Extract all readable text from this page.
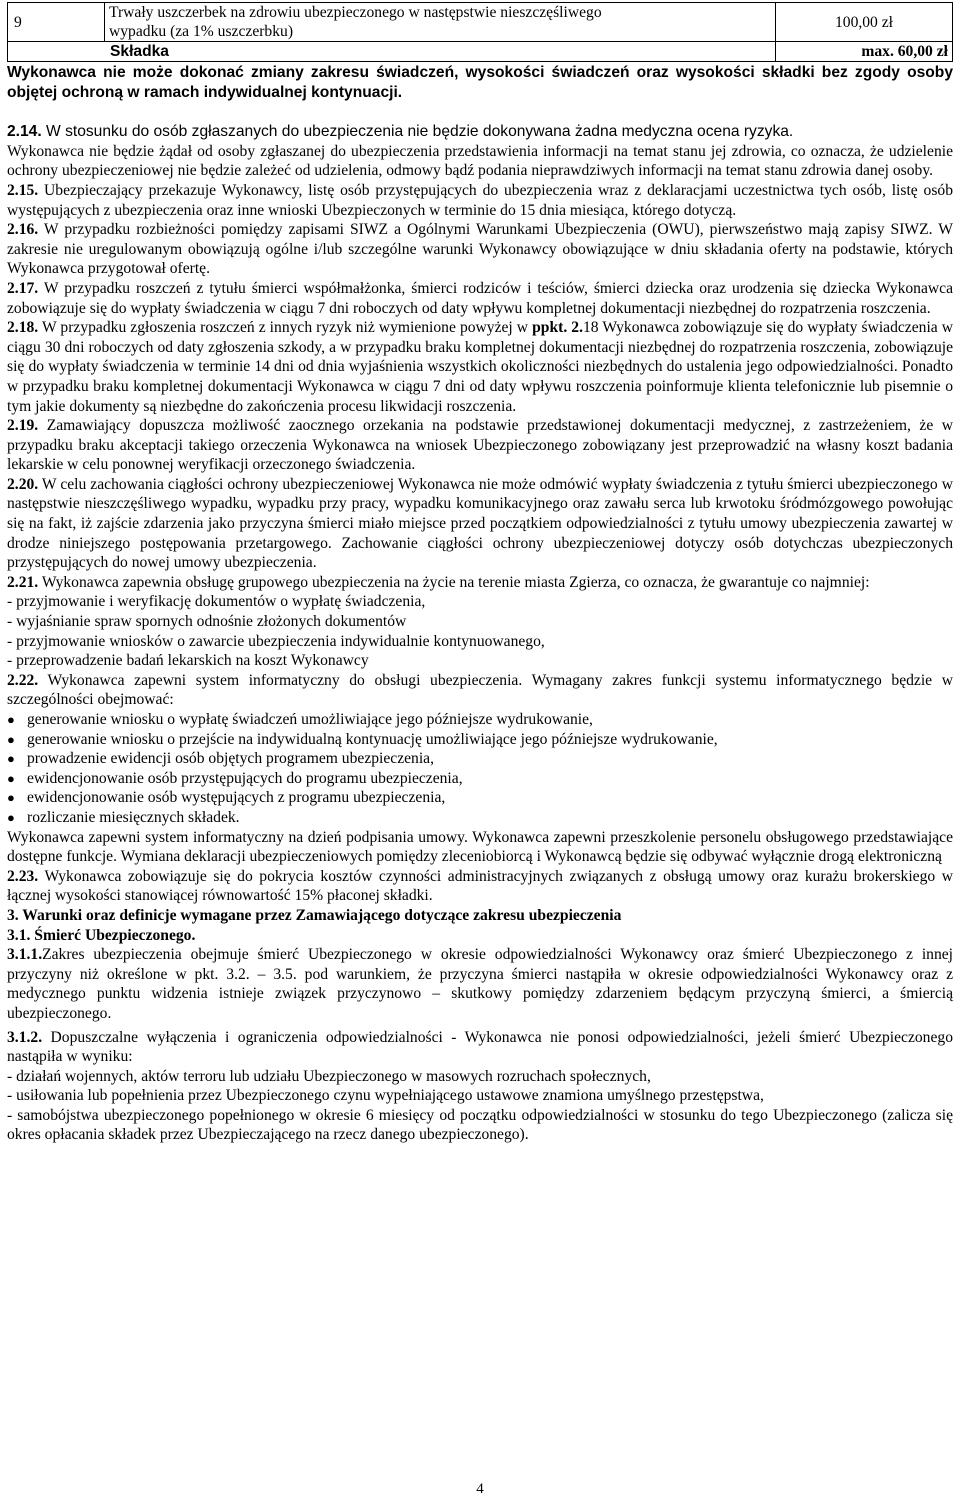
9	Trwały uszczerbek na zdrowiu ubezpieczonego w następstwie nieszczęśliwego
wypadku (za 1% uszczerbku)	100,00 zł
Składka		max. 60,00 zł

Wykonawca nie może dokonać zmiany zakresu świadczeń, wysokości świadczeń oraz wysokości składki bez zgody osoby objętej ochroną w ramach indywidualnej kontynuacji.

2.14. W stosunku do osób zgłaszanych do ubezpieczenia nie będzie dokonywana żadna medyczna ocena ryzyka.

Wykonawca nie będzie żądał od osoby zgłaszanej do ubezpieczenia przedstawienia informacji na temat stanu jej zdrowia, co oznacza, że udzielenie ochrony ubezpieczeniowej nie będzie zależeć od udzielenia, odmowy bądź podania nieprawdziwych informacji na temat stanu zdrowia danej osoby.

2.15. Ubezpieczający przekazuje Wykonawcy, listę osób przystępujących do ubezpieczenia wraz z deklaracjami uczestnictwa tych osób, listę osób występujących z ubezpieczenia oraz inne wnioski Ubezpieczonych w terminie do 15 dnia miesiąca, którego dotyczą.

2.16. W przypadku rozbieżności pomiędzy zapisami SIWZ a Ogólnymi Warunkami Ubezpieczenia (OWU), pierwszeństwo mają zapisy SIWZ. W zakresie nie uregulowanym obowiązują ogólne i/lub szczególne warunki Wykonawcy obowiązujące w dniu składania oferty na podstawie, których Wykonawca przygotował ofertę.

2.17. W przypadku roszczeń z tytułu śmierci współmałżonka, śmierci rodziców i teściów, śmierci dziecka oraz urodzenia się dziecka Wykonawca zobowiązuje się do wypłaty świadczenia w ciągu 7 dni roboczych od daty wpływu kompletnej dokumentacji niezbędnej do rozpatrzenia roszczenia.

2.18. W przypadku zgłoszenia roszczeń z innych ryzyk niż wymienione powyżej w ppkt. 2.18 Wykonawca zobowiązuje się do wypłaty świadczenia w ciągu 30 dni roboczych od daty zgłoszenia szkody, a w przypadku braku kompletnej dokumentacji niezbędnej do rozpatrzenia roszczenia, zobowiązuje się do wypłaty świadczenia w terminie 14 dni od dnia wyjaśnienia wszystkich okoliczności niezbędnych do ustalenia jego odpowiedzialności. Ponadto w przypadku braku kompletnej dokumentacji Wykonawca w ciągu 7 dni od daty wpływu roszczenia poinformuje klienta telefonicznie lub pisemnie o tym jakie dokumenty są niezbędne do zakończenia procesu likwidacji roszczenia.

2.19. Zamawiający dopuszcza możliwość zaocznego orzekania na podstawie przedstawionej dokumentacji medycznej, z zastrzeżeniem, że w przypadku braku akceptacji takiego orzeczenia Wykonawca na wniosek Ubezpieczonego zobowiązany jest przeprowadzić na własny koszt badania lekarskie w celu ponownej weryfikacji orzeczonego świadczenia.

2.20. W celu zachowania ciągłości ochrony ubezpieczeniowej Wykonawca nie może odmówić wypłaty świadczenia z tytułu śmierci ubezpieczonego w następstwie nieszczęśliwego wypadku, wypadku przy pracy, wypadku komunikacyjnego oraz zawału serca lub krwotoku śródmózgowego powołując się na fakt, iż zajście zdarzenia jako przyczyna śmierci miało miejsce przed początkiem odpowiedzialności z tytułu umowy ubezpieczenia zawartej w drodze niniejszego postępowania przetargowego. Zachowanie ciągłości ochrony ubezpieczeniowej dotyczy osób dotychczas ubezpieczonych przystępujących do nowej umowy ubezpieczenia.

2.21. Wykonawca zapewnia obsługę grupowego ubezpieczenia na życie na terenie miasta Zgierza, co oznacza, że gwarantuje co najmniej:

- przyjmowanie i weryfikację dokumentów o wypłatę świadczenia,

- wyjaśnianie spraw spornych odnośnie złożonych dokumentów

- przyjmowanie wniosków o zawarcie ubezpieczenia indywidualnie kontynuowanego,

- przeprowadzenie badań lekarskich na koszt Wykonawcy

2.22. Wykonawca zapewni system informatyczny do obsługi ubezpieczenia. Wymagany zakres funkcji systemu informatycznego będzie w szczególności obejmować:

● generowanie wniosku o wypłatę świadczeń umożliwiające jego późniejsze wydrukowanie,
● generowanie wniosku o przejście na indywidualną kontynuację umożliwiające jego późniejsze wydrukowanie,
● prowadzenie ewidencji osób objętych programem ubezpieczenia,
● ewidencjonowanie osób przystępujących do programu ubezpieczenia,
● ewidencjonowanie osób występujących z programu ubezpieczenia,
● rozliczanie miesięcznych składek.

Wykonawca zapewni system informatyczny na dzień podpisania umowy. Wykonawca zapewni przeszkolenie personelu obsługowego przedstawiające dostępne funkcje. Wymiana deklaracji ubezpieczeniowych pomiędzy zleceniobiorcą i Wykonawcą będzie się odbywać wyłącznie drogą elektroniczną

2.23. Wykonawca zobowiązuje się do pokrycia kosztów czynności administracyjnych związanych z obsługą umowy oraz kurażu brokerskiego w łącznej wysokości stanowiącej równowartość 15% płaconej składki.

3. Warunki oraz definicje wymagane przez Zamawiającego dotyczące zakresu ubezpieczenia

3.1. Śmierć Ubezpieczonego.

3.1.1.Zakres ubezpieczenia obejmuje śmierć Ubezpieczonego w okresie odpowiedzialności Wykonawcy oraz śmierć Ubezpieczonego z innej przyczyny niż określone w pkt. 3.2. – 3.5. pod warunkiem, że przyczyna śmierci nastąpiła w okresie odpowiedzialności Wykonawcy oraz z medycznego punktu widzenia istnieje związek przyczynowo – skutkowy pomiędzy zdarzeniem będącym przyczyną śmierci, a śmiercią ubezpieczonego.

3.1.2. Dopuszczalne wyłączenia i ograniczenia odpowiedzialności - Wykonawca nie ponosi odpowiedzialności, jeżeli śmierć Ubezpieczonego nastąpiła w wyniku:

- działań wojennych, aktów terroru lub udziału Ubezpieczonego w masowych rozruchach społecznych,

- usiłowania lub popełnienia przez Ubezpieczonego czynu wypełniającego ustawowe znamiona umyślnego przestępstwa,

- samobójstwa ubezpieczonego popełnionego w okresie 6 miesięcy od początku odpowiedzialności w stosunku do tego Ubezpieczonego (zalicza się okres opłacania składek przez Ubezpieczającego na rzecz danego ubezpieczonego).

4
